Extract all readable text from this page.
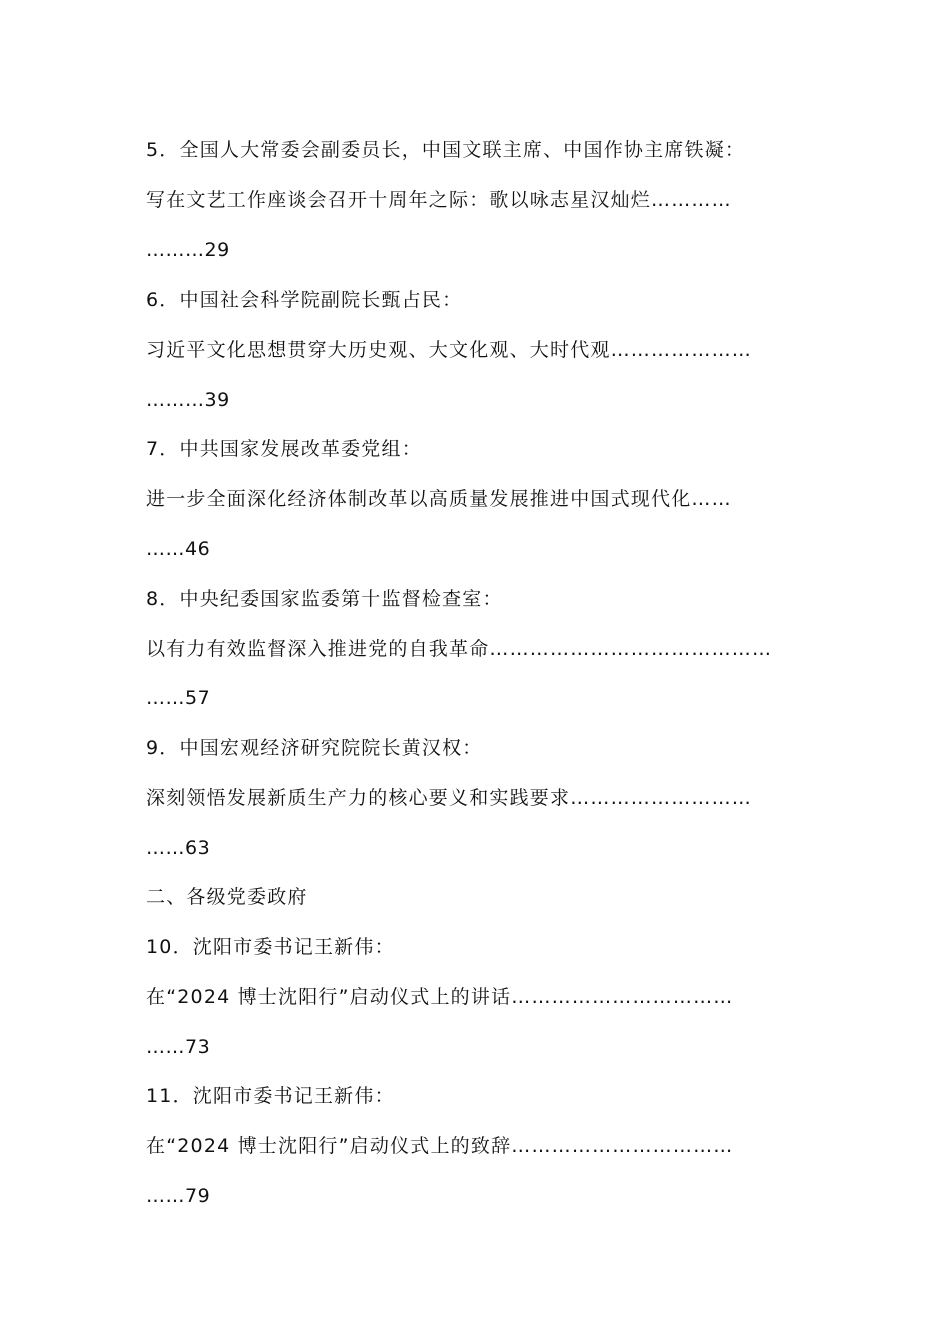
5．全国人大常委会副委员长，中国文联主席、中国作协主席铁凝：
写在文艺工作座谈会召开十周年之际：歌以咏志星汉灿烂…………
………29
6．中国社会科学院副院长甄占民：
习近平文化思想贯穿大历史观、大文化观、大时代观…………………
………39
7．中共国家发展改革委党组：
进一步全面深化经济体制改革以高质量发展推进中国式现代化……
……46
8．中央纪委国家监委第十监督检查室：
以有力有效监督深入推进党的自我革命……………………………………
……57
9．中国宏观经济研究院院长黄汉权：
深刻领悟发展新质生产力的核心要义和实践要求………………………
……63
二、各级党委政府
10．沈阳市委书记王新伟：
在“2024 博士沈阳行”启动仪式上的讲话……………………………
……73
11．沈阳市委书记王新伟：
在“2024 博士沈阳行”启动仪式上的致辞……………………………
……79
